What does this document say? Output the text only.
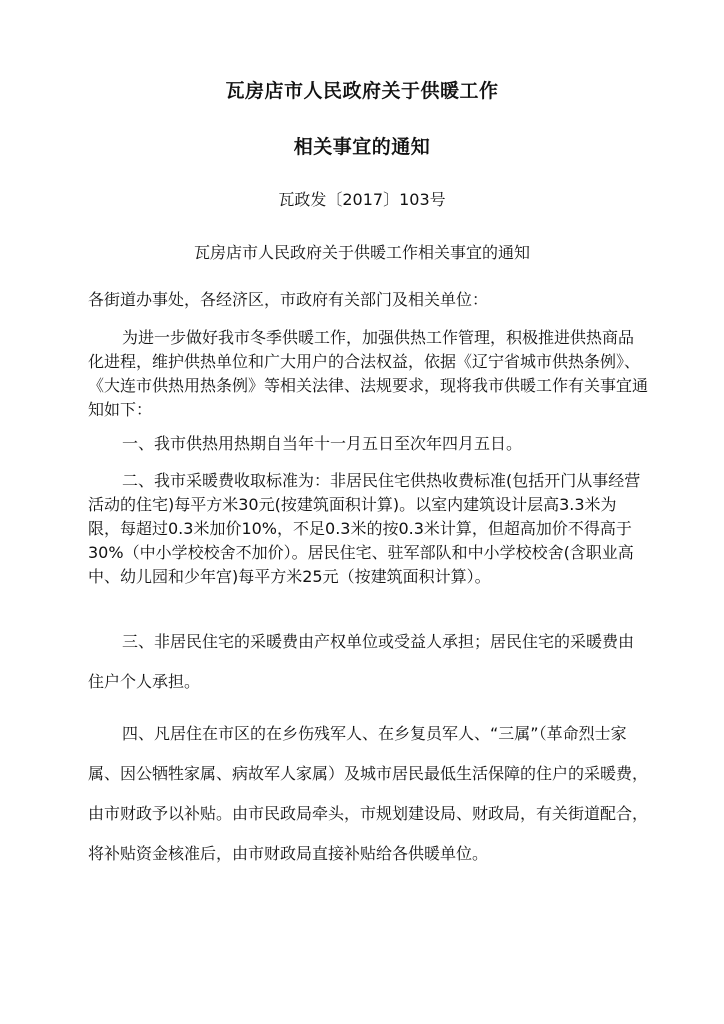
瓦房店市人民政府关于供暖工作
相关事宜的通知
瓦政发〔2017〕103号
瓦房店市人民政府关于供暖工作相关事宜的通知
各街道办事处，各经济区，市政府有关部门及相关单位：
为进一步做好我市冬季供暖工作，加强供热工作管理，积极推进供热商品化进程，维护供热单位和广大用户的合法权益，依据《辽宁省城市供热条例》、《大连市供热用热条例》等相关法律、法规要求，现将我市供暖工作有关事宜通知如下：
一、我市供热用热期自当年十一月五日至次年四月五日。
二、我市采暖费收取标准为：非居民住宅供热收费标准(包括开门从事经营活动的住宅)每平方米30元(按建筑面积计算)。以室内建筑设计层高3.3米为限，每超过0.3米加价10%，不足0.3米的按0.3米计算，但超高加价不得高于30%（中小学校校舍不加价）。居民住宅、驻军部队和中小学校校舍(含职业高中、幼儿园和少年宫)每平方米25元（按建筑面积计算）。
三、非居民住宅的采暖费由产权单位或受益人承担；居民住宅的采暖费由住户个人承担。
四、凡居住在市区的在乡伤残军人、在乡复员军人、“三属”（革命烈士家属、因公牺牲家属、病故军人家属）及城市居民最低生活保障的住户的采暖费，由市财政予以补贴。由市民政局牵头，市规划建设局、财政局，有关街道配合，将补贴资金核准后，由市财政局直接补贴给各供暖单位。
